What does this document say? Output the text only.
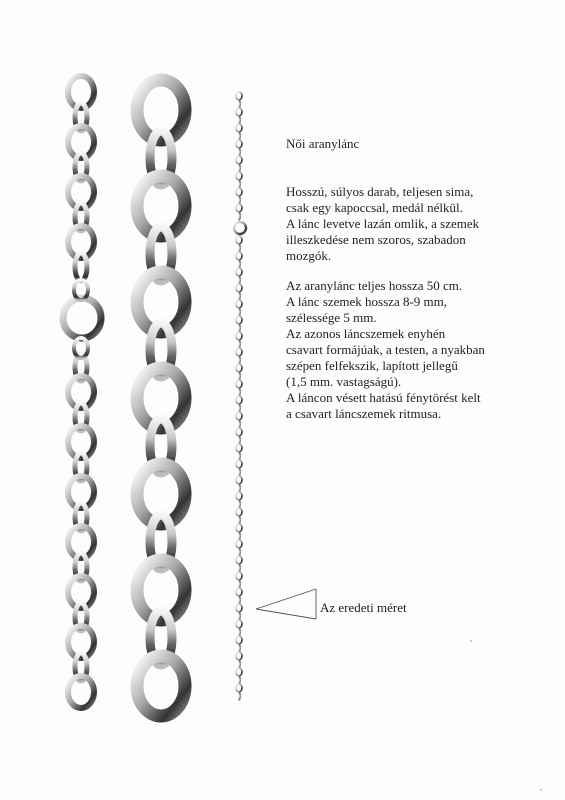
Női aranylánc
Hosszú, súlyos darab, teljesen sima,
csak egy kapoccsal, medál nélkül.
A lánc levetve lazán omlik, a szemek
illeszkedése nem szoros, szabadon
mozgók.
Az aranylánc teljes hossza 50 cm.
A lánc szemek hossza 8-9 mm,
szélessége 5 mm.
Az azonos láncszemek enyhén
csavart formájúak, a testen, a nyakban
szépen felfekszik, lapított jellegű
(1,5 mm. vastagságú).
A láncon vésett hatású fénytörést kelt
a csavart láncszemek ritmusa.
Az eredeti méret
